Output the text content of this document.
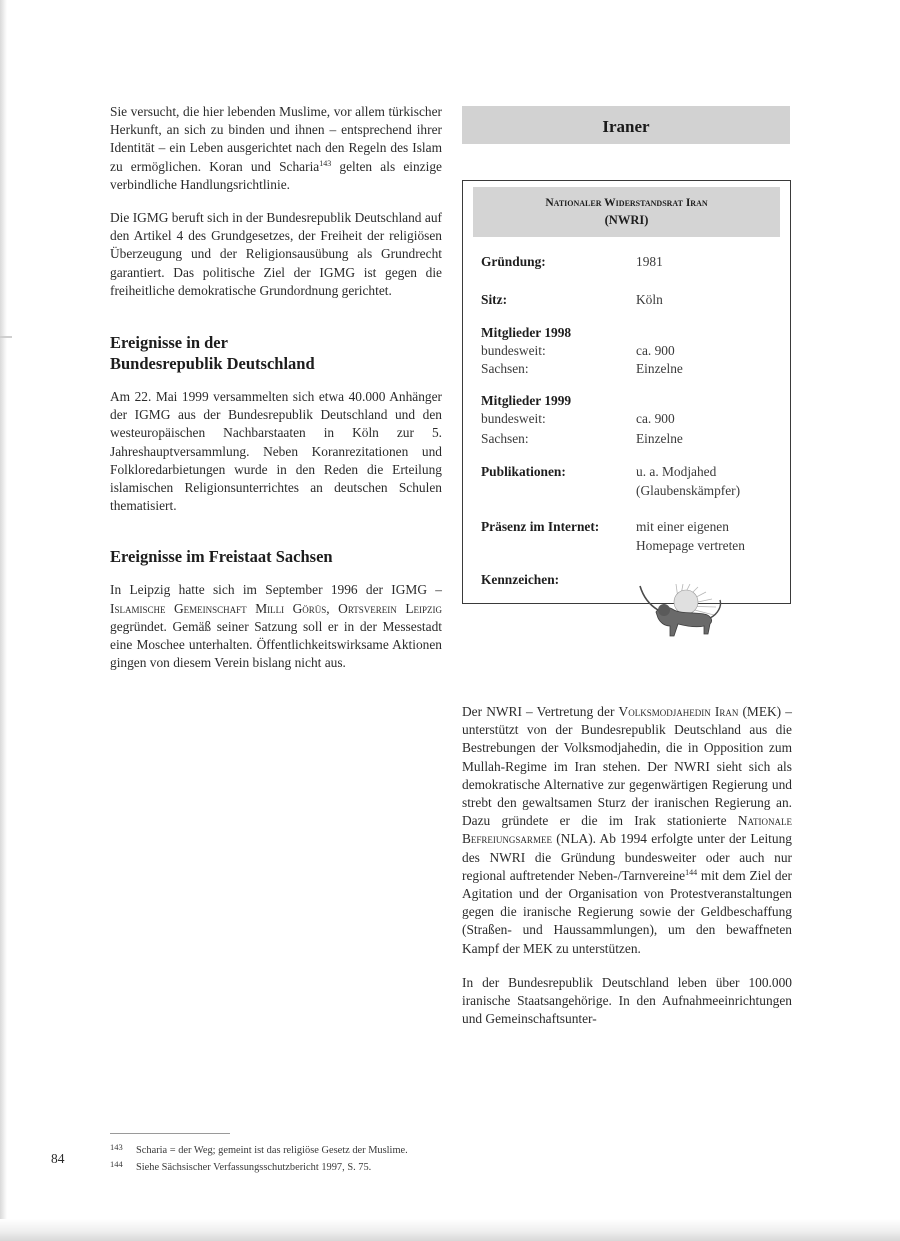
Sie versucht, die hier lebenden Muslime, vor allem türkischer Herkunft, an sich zu binden und ihnen – entsprechend ihrer Identität – ein Leben ausgerichtet nach den Regeln des Islam zu ermöglichen. Koran und Scharia$^{143}$ gelten als einzige verbindliche Handlungsrichtlinie.

Die IGMG beruft sich in der Bundesrepublik Deutschland auf den Artikel 4 des Grundgesetzes, der Freiheit der religiösen Überzeugung und der Religionsausübung als Grundrecht garantiert. Das politische Ziel der IGMG ist gegen die freiheitliche demokratische Grundordnung gerichtet.

Ereignisse in der
Bundesrepublik Deutschland

Am 22. Mai 1999 versammelten sich etwa 40.000 Anhänger der IGMG aus der Bundesrepublik Deutschland und den westeuropäischen Nachbarstaaten in Köln zur 5. Jahreshauptversammlung. Neben Koranrezitationen und Folkloredarbietungen wurde in den Reden die Erteilung islamischen Religionsunterrichtes an deutschen Schulen thematisiert.

Ereignisse im Freistaat Sachsen

In Leipzig hatte sich im September 1996 der IGMG – Islamische Gemeinschaft Milli Görüs, Ortsverein Leipzig gegründet. Gemäß seiner Satzung soll er in der Messestadt eine Moschee unterhalten. Öffentlichkeitswirksame Aktionen gingen von diesem Verein bislang nicht aus.

Iraner
Nationaler Widerstandsrat Iran
(NWRI)
Gründung:	1981
Sitz:	Köln
Mitglieder 1998
bundesweit:	ca. 900
Sachsen:	Einzelne
Mitglieder 1999
bundesweit:	ca. 900
Sachsen:	Einzelne
Publikationen:	u. a. Modjahed
(Glaubenskämpfer)
Präsenz im Internet:	mit einer eigenen
Homepage vertreten
Kennzeichen:

Der NWRI – Vertretung der Volksmodjahedin Iran (MEK) – unterstützt von der Bundesrepublik Deutschland aus die Bestrebungen der Volksmodjahedin, die in Opposition zum Mullah-Regime im Iran stehen. Der NWRI sieht sich als demokratische Alternative zur gegenwärtigen Regierung und strebt den gewaltsamen Sturz der iranischen Regierung an. Dazu gründete er die im Irak stationierte Nationale Befreiungsarmee (NLA). Ab 1994 erfolgte unter der Leitung des NWRI die Gründung bundesweiter oder auch nur regional auftretender Neben-/Tarnvereine$^{144}$ mit dem Ziel der Agitation und der Organisation von Protestveranstaltungen gegen die iranische Regierung sowie der Geldbeschaffung (Straßen- und Haussammlungen), um den bewaffneten Kampf der MEK zu unterstützen.

In der Bundesrepublik Deutschland leben über 100.000 iranische Staatsangehörige. In den Aufnahmeeinrichtungen und Gemeinschaftsunter-

143 Scharia = der Weg; gemeint ist das religiöse Gesetz der Muslime.
144 Siehe Sächsischer Verfassungsschutzbericht 1997, S. 75.
84
